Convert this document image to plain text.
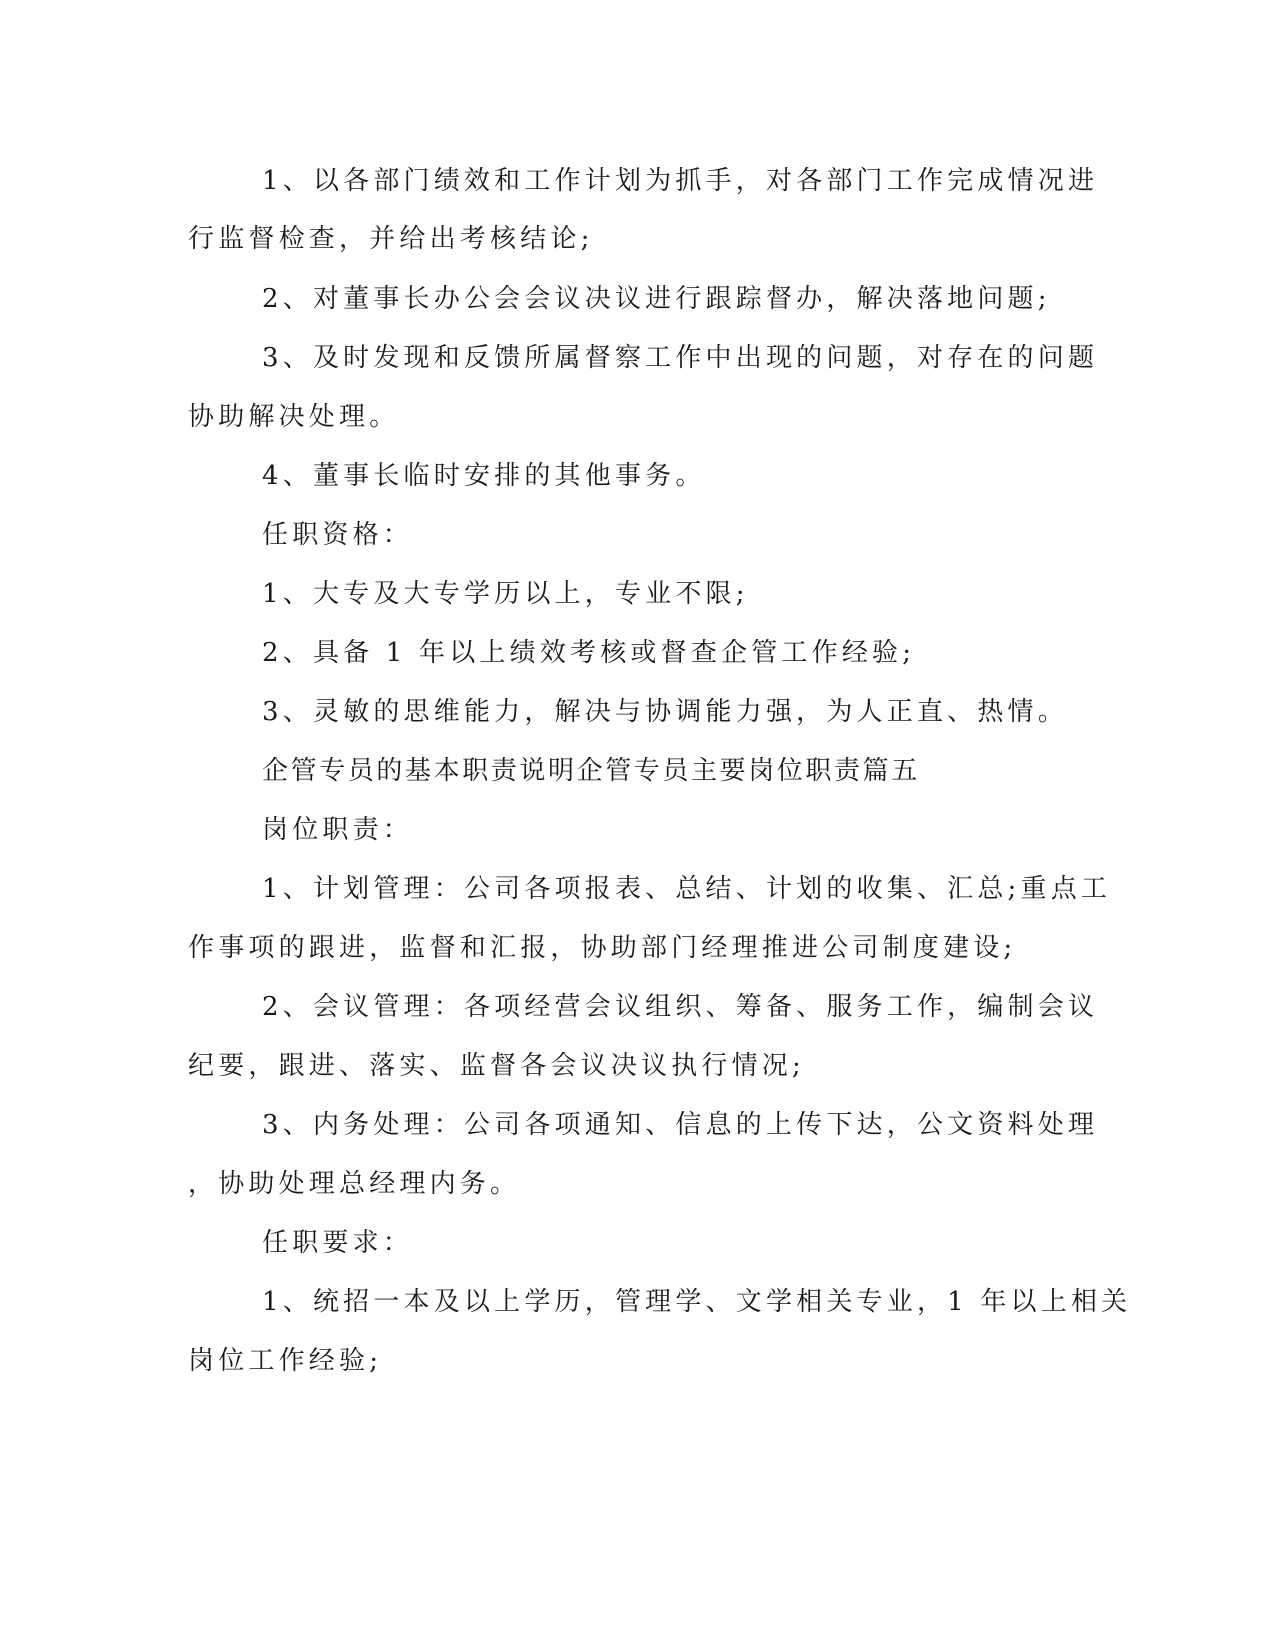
1、以各部门绩效和工作计划为抓手，对各部门工作完成情况进
行监督检查，并给出考核结论;
2、对董事长办公会会议决议进行跟踪督办，解决落地问题;
3、及时发现和反馈所属督察工作中出现的问题，对存在的问题
协助解决处理。
4、董事长临时安排的其他事务。
任职资格：
1、大专及大专学历以上，专业不限;
2、具备 1 年以上绩效考核或督查企管工作经验;
3、灵敏的思维能力，解决与协调能力强，为人正直、热情。
企管专员的基本职责说明企管专员主要岗位职责篇五
岗位职责：
1、计划管理：公司各项报表、总结、计划的收集、汇总;重点工
作事项的跟进，监督和汇报，协助部门经理推进公司制度建设;
2、会议管理：各项经营会议组织、筹备、服务工作，编制会议
纪要，跟进、落实、监督各会议决议执行情况;
3、内务处理：公司各项通知、信息的上传下达，公文资料处理
，协助处理总经理内务。
任职要求：
1、统招一本及以上学历，管理学、文学相关专业，1 年以上相关
岗位工作经验;
